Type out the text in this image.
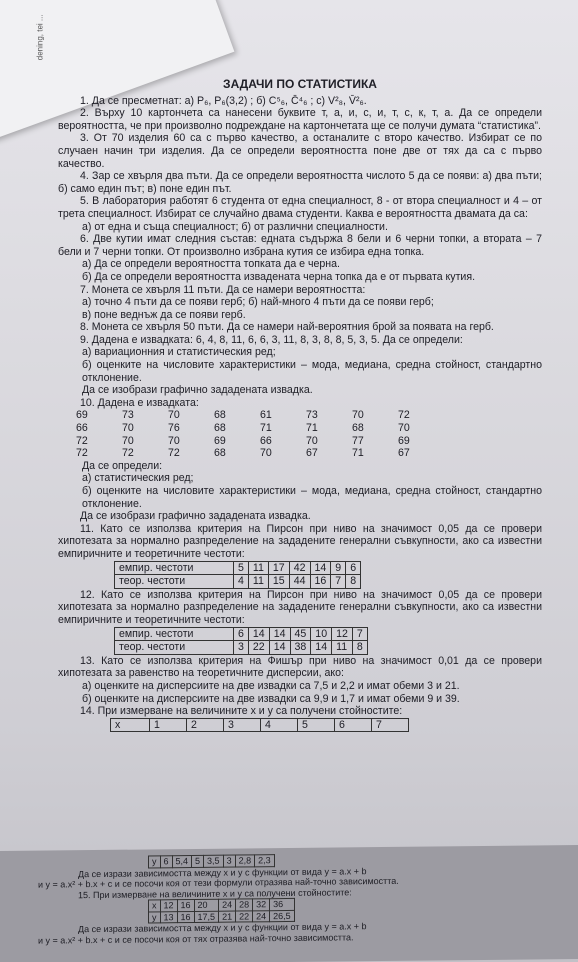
dening, tei ...

ЗАДАЧИ ПО СТАТИСТИКА

1. Да се пресметнат: а) P₆, P₆(3,2) ; б) C⁵₆, C̄⁴₆ ; с) V²₈, V̄²₆.

2. Върху 10 картончета са нанесени буквите т, а, и, с, и, т, с, к, т, а. Да се определи вероятността, че при произволно подреждане на картончетата ще се получи думата “статистика”.

3. От 70 изделия 60 са с първо качество, а останалите с второ качество. Избират се по случаен начин три изделия. Да се определи вероятността поне две от тях да са с първо качество.

4. Зар се хвърля два пъти. Да се определи вероятността числото 5 да се появи: а) два пъти; б) само един път; в) поне един път.

5. В лаборатория работят 6 студента от една специалност, 8 - от втора специалност и 4 – от трета специалност. Избират се случайно двама студенти. Каква е вероятността двамата да са:

а) от една и съща специалност; б) от различни специалности.

6. Две кутии имат следния състав: едната съдържа 8 бели и 6 черни топки, а втората – 7 бели и 7 черни топки. От произволно избрана кутия се избира една топка.

а) Да се определи вероятността топката да е черна.

б) Да се определи вероятността извадената черна топка да е от първата кутия.

7. Монета се хвърля 11 пъти. Да се намери вероятността:

а) точно 4 пъти да се появи герб; б) най-много 4 пъти да се появи герб;

в) поне веднъж да се появи герб.

8. Монета се хвърля 50 пъти. Да се намери най-вероятния брой за появата на герб.

9. Дадена е извадката: 6, 4, 8, 11, 6, 6, 3, 11, 8, 3, 8, 8, 5, 3, 5. Да се определи:

а) вариационния и статистическия ред;

б) оценките на числовите характеристики – мода, медиана, средна стойност, стандартно отклонение.

Да се изобрази графично зададената извадка.

10. Дадена е извадката:

69	73	70	68	61	73	70	72
66	70	76	68	71	71	68	70
72	70	70	69	66	70	77	69
72	72	72	68	70	67	71	67

Да се определи:

а) статистическия ред;

б) оценките на числовите характеристики – мода, медиана, средна стойност, стандартно отклонение.

Да се изобрази графично зададената извадка.

11. Като се използва критерия на Пирсон при ниво на значимост 0,05 да се провери хипотезата за нормално разпределение на зададените генерални съвкупности, ако са известни емпиричните и теоретичните честоти:

емпир. честоти	5	11	17	42	14	9	6
теор. честоти	4	11	15	44	16	7	8

12. Като се използва критерия на Пирсон при ниво на значимост 0,05 да се провери хипотезата за нормално разпределение на зададените генерални съвкупности, ако са известни емпиричните и теоретичните честоти:

емпир. честоти	6	14	14	45	10	12	7
теор. честоти	3	22	14	38	14	11	8

13. Като се използва критерия на Фишър при ниво на значимост 0,01 да се провери хипотезата за равенство на теоретичните дисперсии, ако:

а) оценките на дисперсиите на две извадки са 7,5 и 2,2 и имат обеми 3 и 21.

б) оценките на дисперсиите на две извадки са 9,9 и 1,7 и имат обеми 9 и 39.

14. При измерване на величините x и y са получени стойностите:

x	1	2	3	4	5	6	7
y	6	5,4	5	3,5	3	2,8	2,3

Да се изрази зависимостта между x и y с функции от вида y = a.x + b

и y = a.x² + b.x + c и се посочи коя от тези формули отразява най-точно зависимостта.

15. При измерване на величините x и y са получени стойностите:

x	12	16	20	24	28	32	36
y	13	16	17,5	21	22	24	26,5

Да се изрази зависимостта между x и y с функции от вида y = a.x + b

и y = a.x² + b.x + c и се посочи коя от тях отразява най-точно зависимостта.
